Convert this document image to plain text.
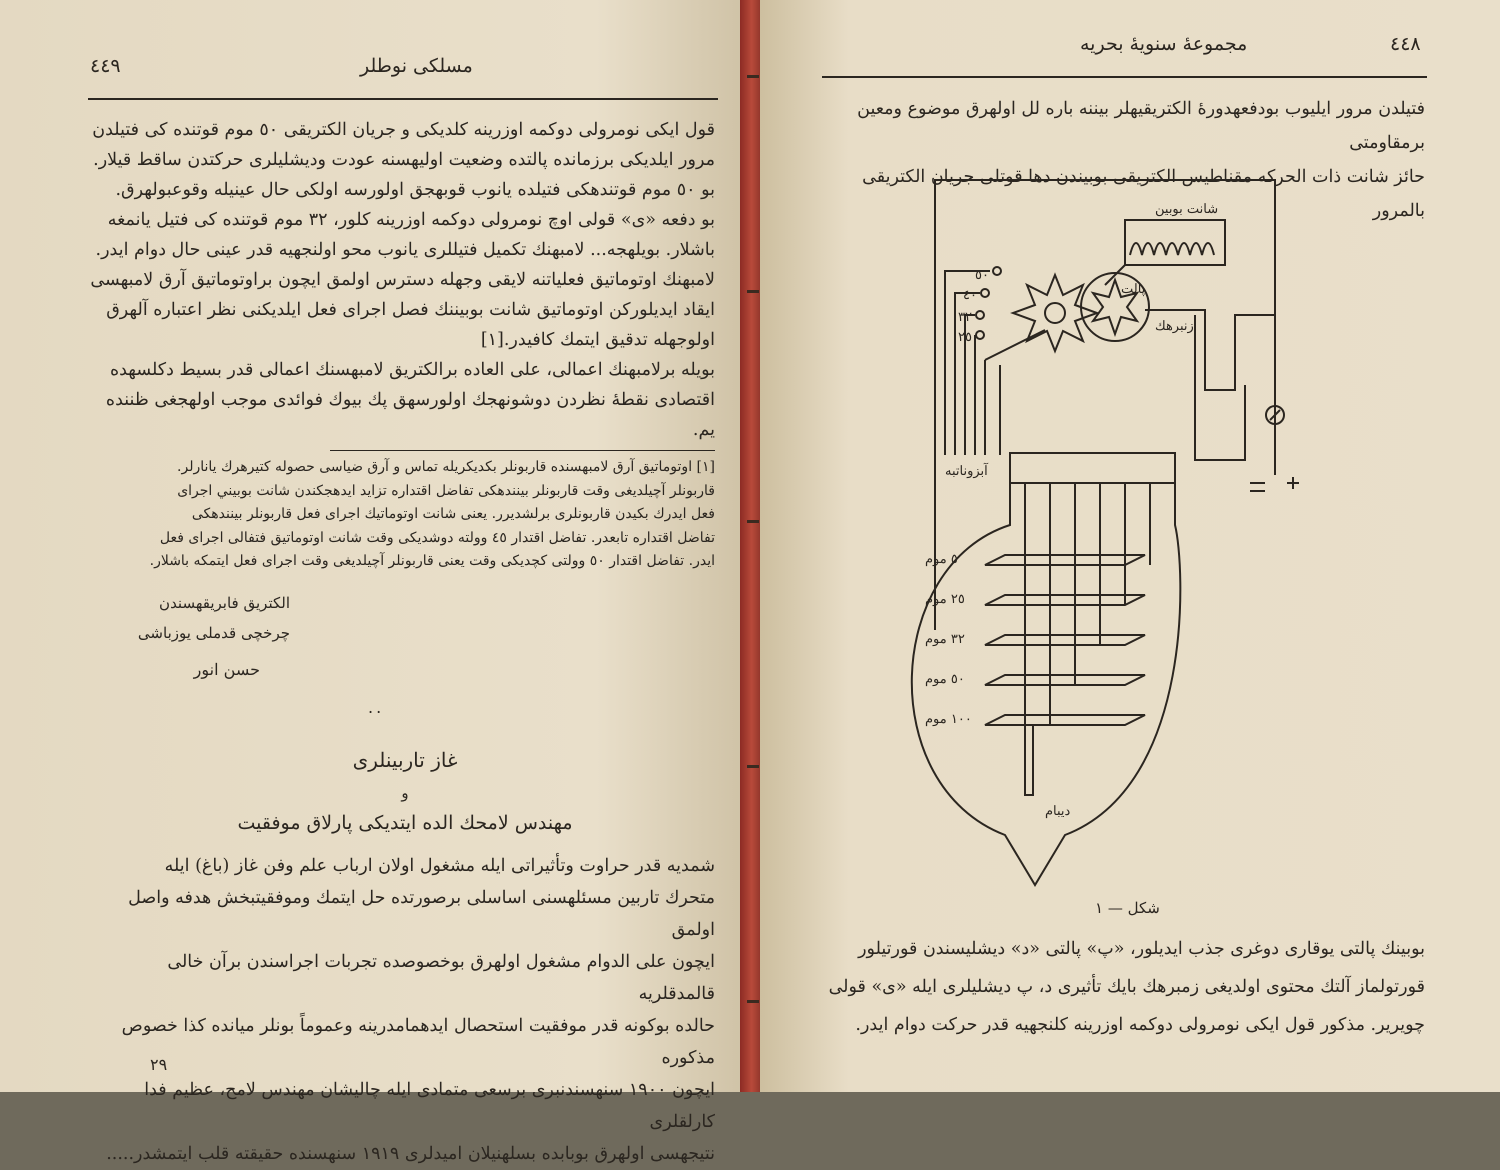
مسلكى نوطلر
٤٤٩

قول ايكى نومرولى دوكمه اوزرينه كلديكى و جريان الكتريقى ٥٠ موم قوتنده كى فتيلدن

مرور ايلديكى برزمانده پالتده وضعيت اوليهسنه عودت وديشليلرى حركتدن ساقط قيلار.

بو ٥٠ موم قوتندهكى فتيلده يانوب قوبهجق اولورسه اولكى حال عينيله وقوعبولهرق.

بو دفعه «ى» قولى اوچ نومرولى دوكمه اوزرينه كلور، ٣٢ موم قوتنده كى فتيل يانمغه

باشلار. بويلهجه... لامبهنك تكميل فتيللرى يانوب محو اولنجهيه قدر عينى حال دوام ايدر.

لامبهنك اوتوماتيق فعلياتنه لايقى وجهله دسترس اولمق ايچون براوتوماتيق آرق لامبهسى

ايقاد ايديلوركن اوتوماتيق شانت بوبيننك فصل اجراى فعل ايلديكنى نظر اعتباره آلهرق

اولوجهله تدقيق ايتمك كافيدر.[١]

بويله برلامبهنك اعمالى، على العاده برالكتريق لامبهسنك اعمالى قدر بسيط دكلسهده

اقتصادى نقطهٔ نظردن دوشونهجك اولورسهق پك بيوك فوائدى موجب اولهجغى ظننده يم.

[١] اوتوماتيق آرق لامبهسنده قاربونلر بكديكريله تماس و آرق ضياسى حصوله كتيرهرك يانارلر.

قاربونلر آچيلديغى وقت قاربونلر بينندهكى تفاضل اقتداره تزايد ايدهجكندن شانت بوبيني اجراى

فعل ايدرك بكيدن قاربونلرى برلشديرر. يعنى شانت اوتوماتيك اجراى فعل قاربونلر بينندهكى

تفاضل اقتداره تابعدر. تفاضل اقتدار ٤٥ وولته دوشديكى وقت شانت اوتوماتيق فتفالى اجراى فعل

ايدر. تفاضل اقتدار ٥٠ وولتى كچديكى وقت يعنى قاربونلر آچيلديغى وقت اجراى فعل ايتمكه باشلار.

الكتريق فابريقهسندن
چرخچى قدملى يوزباشى
حسن انور
..
غاز تاربينلرى
و
مهندس لامحك الده ايتديكى پارلاق موفقيت

شمديه قدر حراوت وتأثيراتى ايله مشغول اولان ارباب علم وفن غاز (باغ) ايله

متحرك تاربين مسئلهسنى اساسلى برصورتده حل ايتمك وموفقيتبخش هدفه واصل اولمق

ايچون على الدوام مشغول اولهرق بوخصوصده تجربات اجراسندن برآن خالى قالمدقلريه

حالده بوكونه قدر موفقيت استحصال ايدهمامدرينه وعموماً بونلر ميانده كذا خصوص مذكوره

ايچون ١٩٠٠ سنهسندنبرى برسعى متمادى ايله چاليشان مهندس لامح، عظيم فدا كارلقلرى

نتيجهسى اولهرق بوبابده بسلهنيلان اميدلرى ١٩١٩ سنهسنده حقيقته قلب ايتمشدر.....

٢٩
٤٤٨
مجموعهٔ سنويهٔ بحريه

فتيلدن مرور ايليوب بودفعهدورهٔ الكتريقيهلر بيننه باره لل اولهرق موضوع ومعين برمقاومتى

حائز شانت ذات الحركه مقناطيس الكتريقى بوبيندن دها قوتلى جريان الكتريقى بالمرور

شانت بوبين
پالت
زنبرهك
آبزوناتبه
٥٠
٤٠
٣٢
٢٥
٥ موم
٢٥ موم
٣٢ موم
٥٠ موم
١٠٠ موم
ديبام
شكل — ١

بوبينك پالتى يوقارى دوغرى جذب ايديلور، «پ» پالتى «د» ديشليسندن قورتيلور

قورتولماز آلتك محتوى اولديغى زمبرهك بايك تأثيرى د، پ ديشليلرى ايله «ى» قولى

چويرير. مذكور قول ايكى نومرولى دوكمه اوزرينه كلنجهيه قدر حركت دوام ايدر.
